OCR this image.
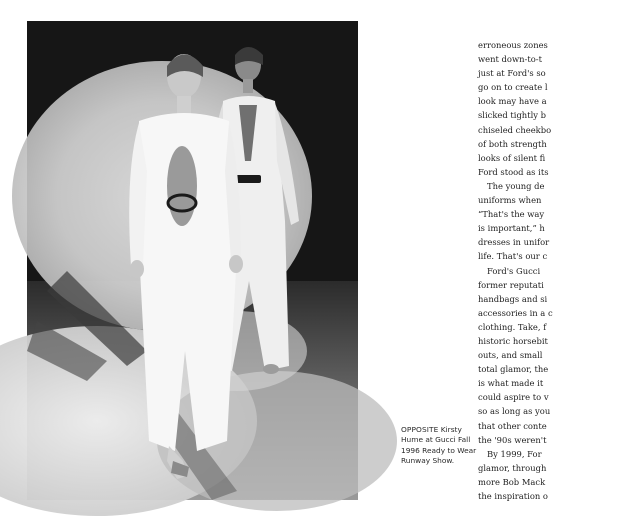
OPPOSITE Kirsty
Hume at Gucci Fall
1996 Ready to Wear
Runway Show.
erroneous zones
went down-to-t
just at Ford's so
go on to create l
look may have a
slicked tightly b
chiseled cheekbo
of both strength
looks of silent fi
Ford stood as its
The young de
uniforms when
“That's the way
is important,” h
dresses in unifor
life. That's our c
Ford's Gucci
former reputati
handbags and si
accessories in a c
clothing. Take, f
historic horsebit
outs, and small
total glamor, the
is what made it
could aspire to v
so as long as you
that other conte
the '90s weren't
By 1999, For
glamor, through
more Bob Mack
the inspiration o
